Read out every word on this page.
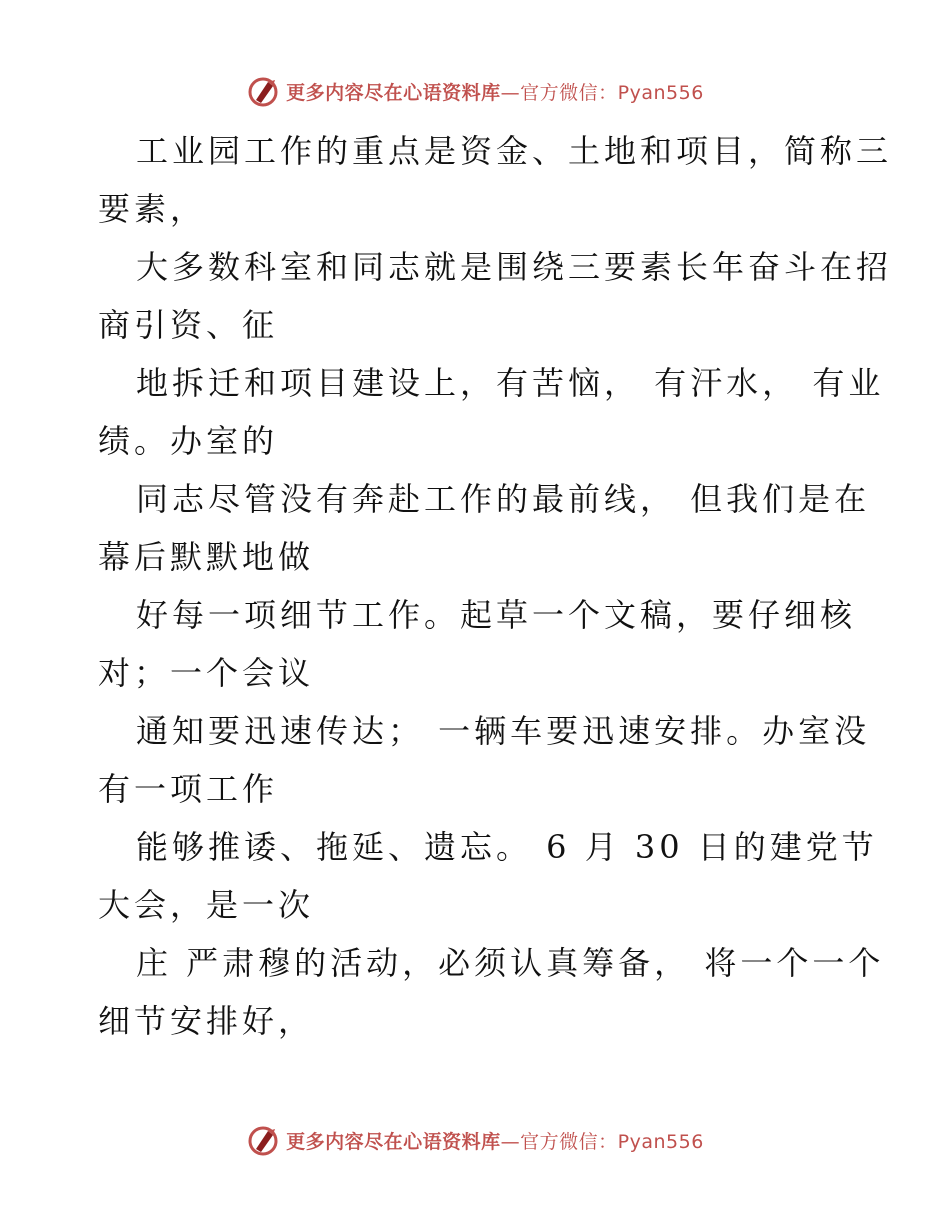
更多内容尽在心语资料库—官方微信：Pyan556
工业园工作的重点是资金、土地和项目，简称三
要素，
大多数科室和同志就是围绕三要素长年奋斗在招
商引资、征
地拆迁和项目建设上，有苦恼， 有汗水， 有业
绩。办室的
同志尽管没有奔赴工作的最前线， 但我们是在
幕后默默地做
好每一项细节工作。起草一个文稿，要仔细核
对；一个会议
通知要迅速传达； 一辆车要迅速安排。办室没
有一项工作
能够推诿、拖延、遗忘。 6 月 30 日的建党节
大会，是一次
庄 严肃穆的活动，必须认真筹备， 将一个一个
细节安排好，
更多内容尽在心语资料库—官方微信：Pyan556
